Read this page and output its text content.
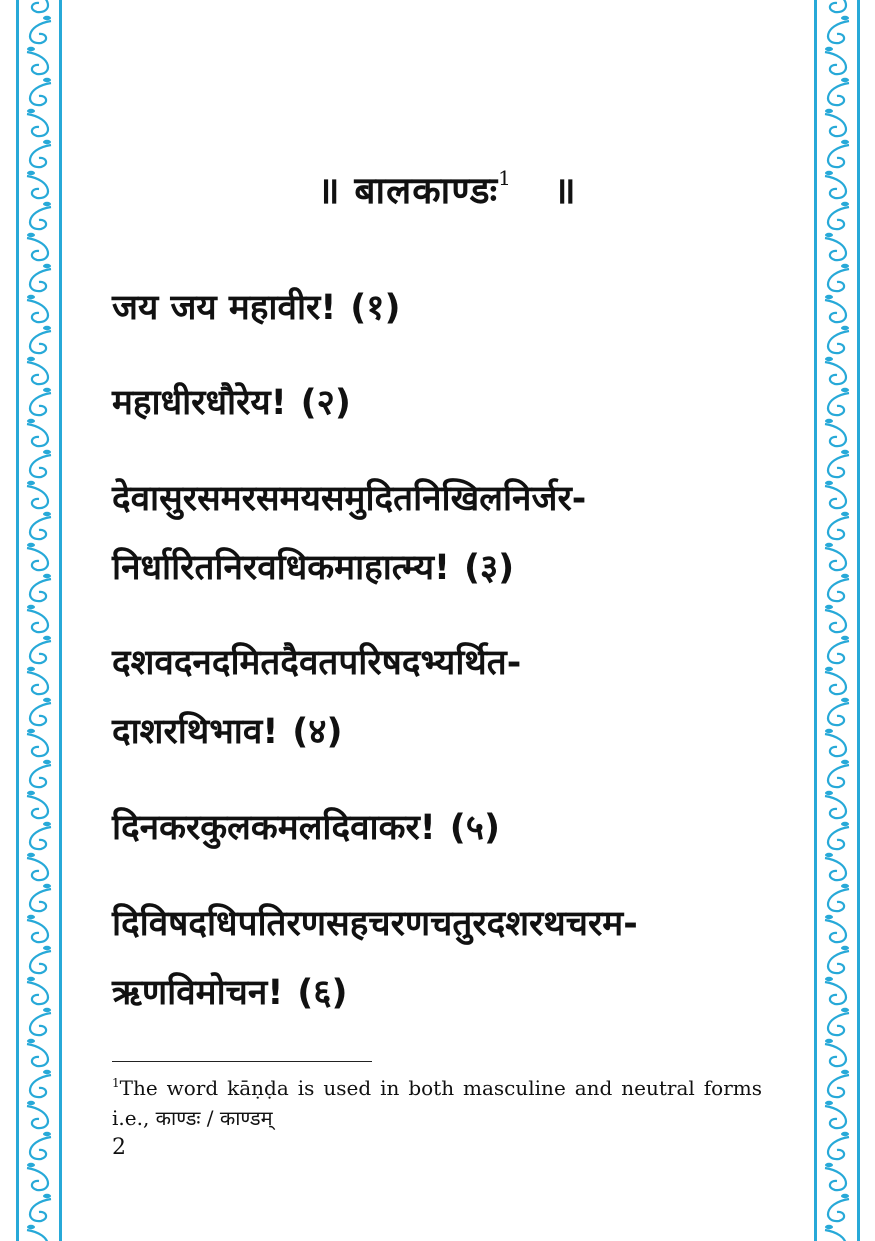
॥ बालकाण्डः$^1$ ॥
जय जय महावीर! (१)
महाधीरधौरेय! (२)
देवासुरसमरसमयसमुदितनिखिलनिर्जर-
निर्धारितनिरवधिकमाहात्म्य! (३)
दशवदनदमितदैवतपरिषदभ्यर्थित-
दाशरथिभाव! (४)
दिनकरकुलकमलदिवाकर! (५)
दिविषदधिपतिरणसहचरणचतुरदशरथचरम-
ऋणविमोचन! (६)
$^1$The word kāṇḍa is used in both masculine and neutral forms i.e., काण्डः / काण्डम्
2
